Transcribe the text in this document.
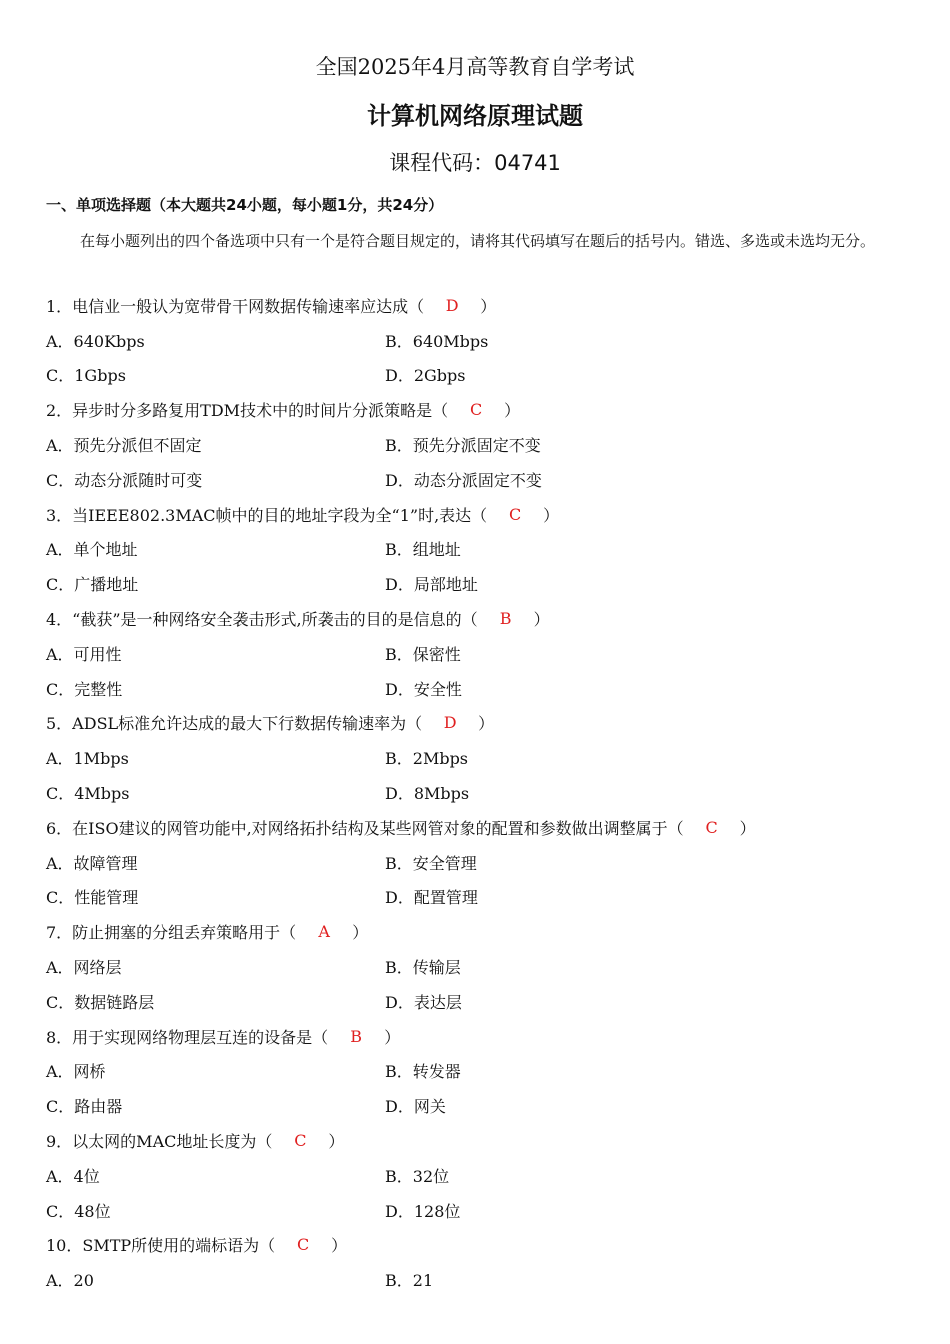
全国2025年4月高等教育自学考试
计算机网络原理试题
课程代码：04741
一、单项选择题（本大题共24小题，每小题1分，共24分）
在每小题列出的四个备选项中只有一个是符合题目规定的，请将其代码填写在题后的括号内。错选、多选或未选均无分。
1．电信业一般认为宽带骨干网数据传输速率应达成（	D	）
A．640Kbps	B．640Mbps
C．1Gbps	D．2Gbps
2．异步时分多路复用TDM技术中的时间片分派策略是（	C	）
A．预先分派但不固定	B．预先分派固定不变
C．动态分派随时可变	D．动态分派固定不变
3．当IEEE802.3MAC帧中的目的地址字段为全“1”时,表达（	C	）
A．单个地址	B．组地址
C．广播地址	D．局部地址
4．“截获”是一种网络安全袭击形式,所袭击的目的是信息的（	B	）
A．可用性	B．保密性
C．完整性	D．安全性
5．ADSL标准允许达成的最大下行数据传输速率为（	D	）
A．1Mbps	B．2Mbps
C．4Mbps	D．8Mbps
6．在ISO建议的网管功能中,对网络拓扑结构及某些网管对象的配置和参数做出调整属于（	C	）
A．故障管理	B．安全管理
C．性能管理	D．配置管理
7．防止拥塞的分组丢弃策略用于（	A	）
A．网络层	B．传输层
C．数据链路层	D．表达层
8．用于实现网络物理层互连的设备是（	B	）
A．网桥	B．转发器
C．路由器	D．网关
9．以太网的MAC地址长度为（	C	）
A．4位	B．32位
C．48位	D．128位
10．SMTP所使用的端标语为（	C	）
A．20	B．21
